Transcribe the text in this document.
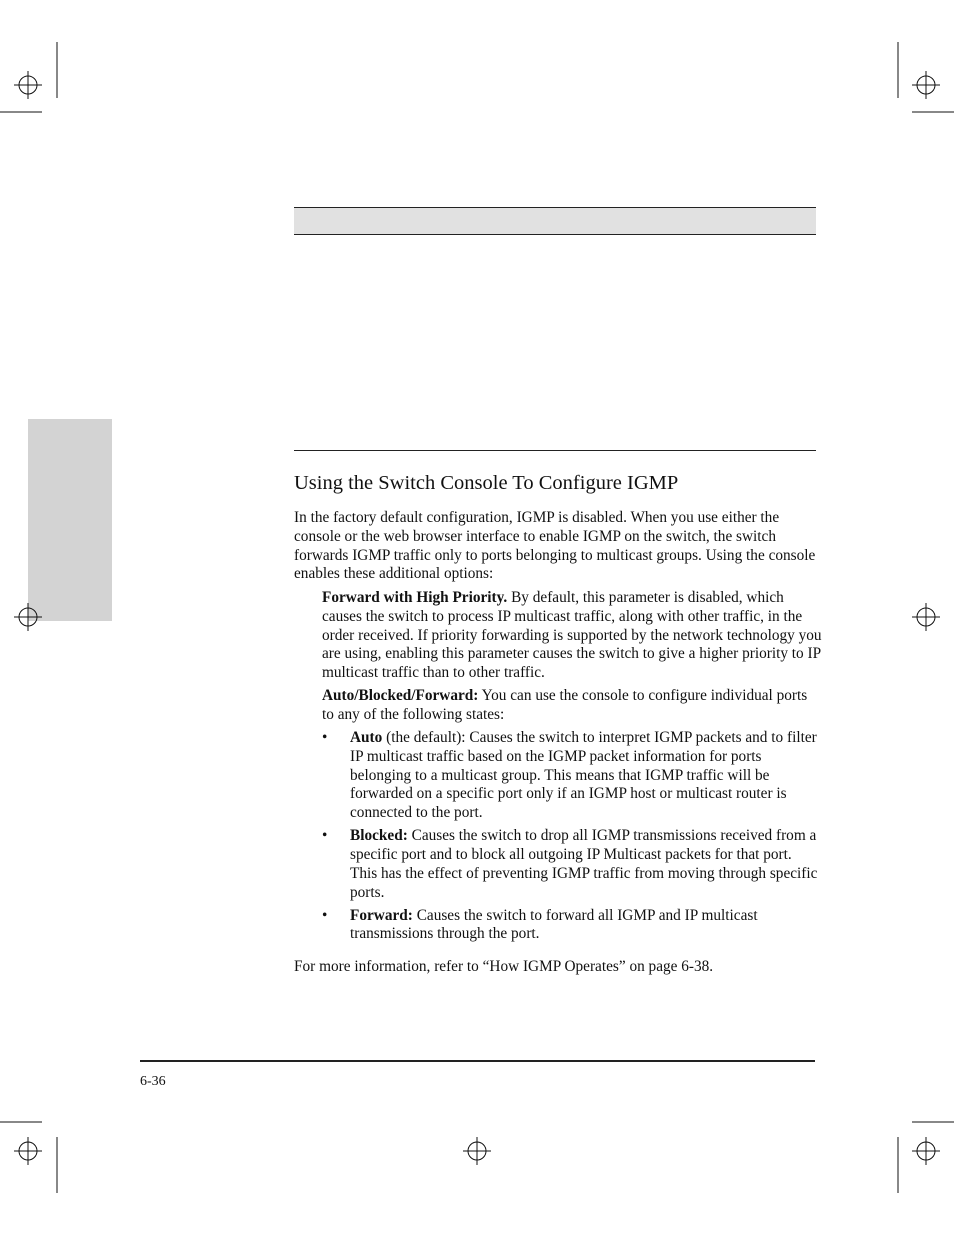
Using the Switch Console To Configure IGMP

In the factory default configuration, IGMP is disabled. When you use either the console or the web browser interface to enable IGMP on the switch, the switch forwards IGMP traffic only to ports belonging to multicast groups. Using the console enables these additional options:

Forward with High Priority. By default, this parameter is disabled, which causes the switch to process IP multicast traffic, along with other traffic, in the order received. If priority forwarding is supported by the network technology you are using, enabling this parameter causes the switch to give a higher priority to IP multicast traffic than to other traffic.

Auto/Blocked/Forward: You can use the console to configure individual ports to any of the following states:

• Auto (the default): Causes the switch to interpret IGMP packets and to filter IP multicast traffic based on the IGMP packet information for ports belonging to a multicast group. This means that IGMP traffic will be forwarded on a specific port only if an IGMP host or multicast router is connected to the port.
• Blocked: Causes the switch to drop all IGMP transmissions received from a specific port and to block all outgoing IP Multicast packets for that port. This has the effect of preventing IGMP traffic from moving through specific ports.
• Forward: Causes the switch to forward all IGMP and IP multicast transmissions through the port.

For more information, refer to “How IGMP Operates” on page 6-38.

6-36
